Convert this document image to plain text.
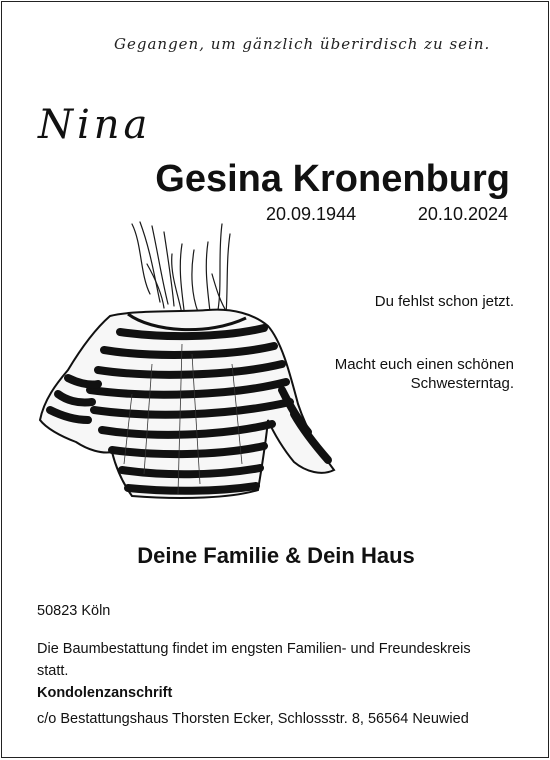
Gegangen, um gänzlich überirdisch zu sein.
Nina
Gesina Kronenburg
20.09.1944	20.10.2024
Du fehlst schon jetzt.
Macht euch einen schönen
Schwesterntag.
Deine Familie & Dein Haus
50823 Köln
Die Baumbestattung findet im engsten Familien- und Freundeskreis
statt.
Kondolenzanschrift
c/o Bestattungshaus Thorsten Ecker, Schlossstr. 8, 56564 Neuwied
